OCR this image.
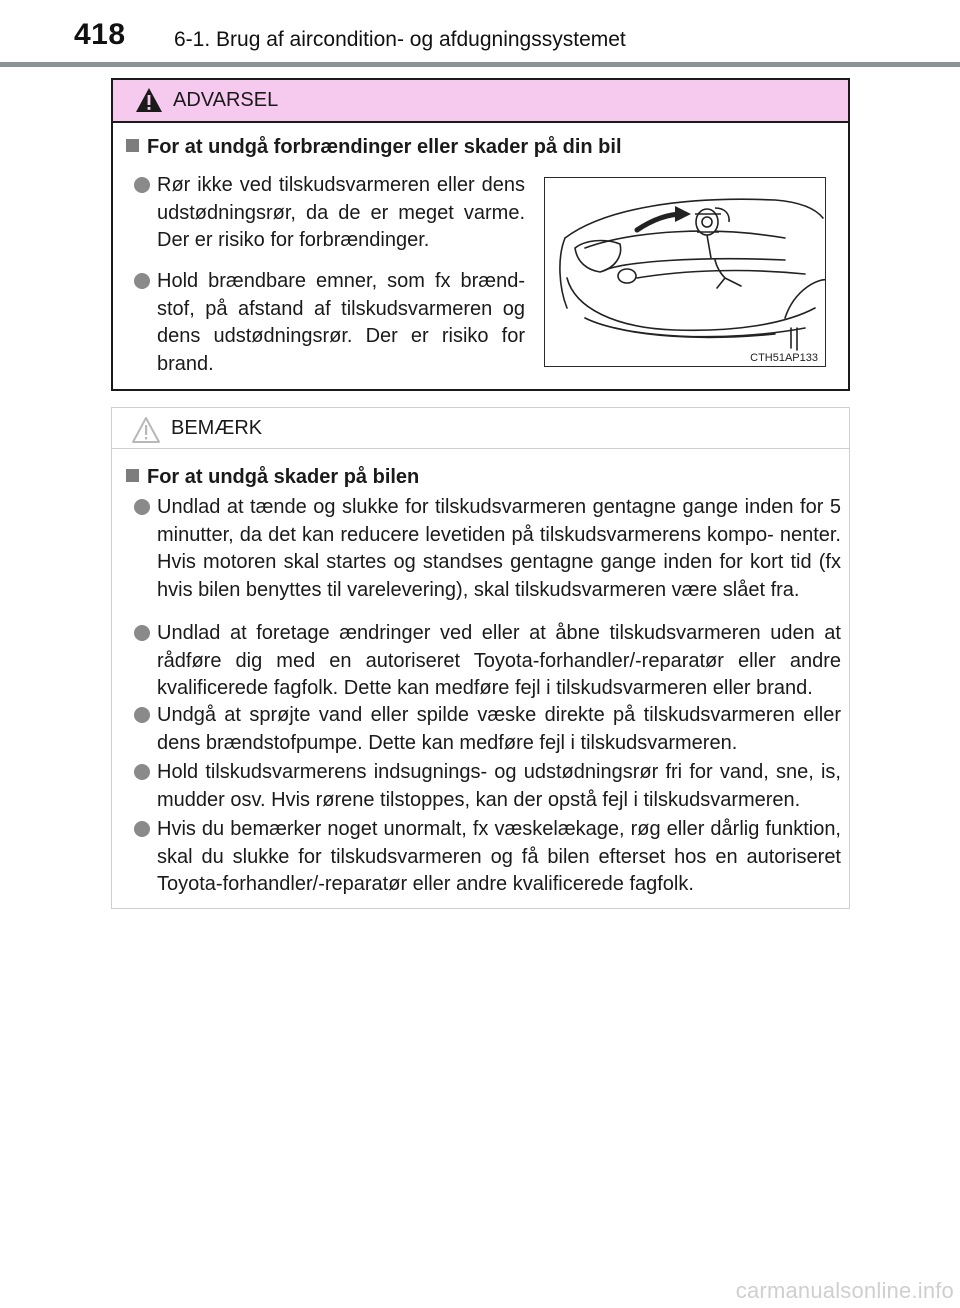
418 6-1. Brug af aircondition- og afdugningssystemet
ADVARSEL
For at undgå forbrændinger eller skader på din bil
Rør ikke ved tilskudsvarmeren eller dens udstødningsrør, da de er meget varme. Der er risiko for forbrændinger.
Hold brændbare emner, som fx brænd- stof, på afstand af tilskudsvarmeren og dens udstødningsrør. Der er risiko for brand.	CTH51AP133
BEMÆRK
For at undgå skader på bilen
Undlad at tænde og slukke for tilskudsvarmeren gentagne gange inden for 5 minutter, da det kan reducere levetiden på tilskudsvarmerens kompo- nenter. Hvis motoren skal startes og standses gentagne gange inden for kort tid (fx hvis bilen benyttes til varelevering), skal tilskudsvarmeren være slået fra.
Undlad at foretage ændringer ved eller at åbne tilskudsvarmeren uden at rådføre dig med en autoriseret Toyota-forhandler/-reparatør eller andre kvalificerede fagfolk. Dette kan medføre fejl i tilskudsvarmeren eller brand.
Undgå at sprøjte vand eller spilde væske direkte på tilskudsvarmeren eller dens brændstofpumpe. Dette kan medføre fejl i tilskudsvarmeren.
Hold tilskudsvarmerens indsugnings- og udstødningsrør fri for vand, sne, is, mudder osv. Hvis rørene tilstoppes, kan der opstå fejl i tilskudsvarmeren.
Hvis du bemærker noget unormalt, fx væskelækage, røg eller dårlig funktion, skal du slukke for tilskudsvarmeren og få bilen efterset hos en autoriseret Toyota-forhandler/-reparatør eller andre kvalificerede fagfolk.
carmanualsonline.info
